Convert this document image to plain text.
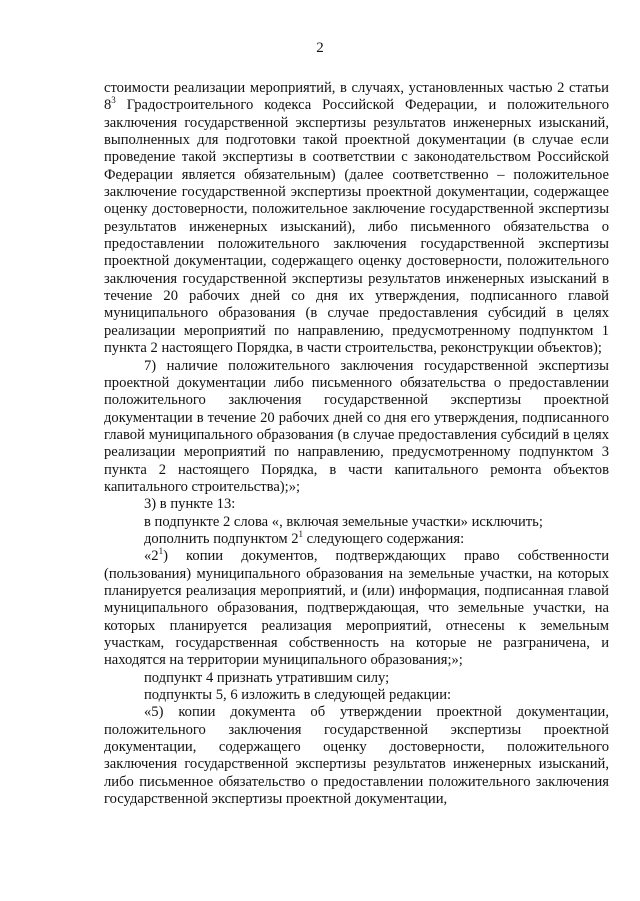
2

стоимости реализации мероприятий, в случаях, установленных частью 2 статьи $8^3$ Градостроительного кодекса Российской Федерации, и положительного заключения государственной экспертизы результатов инженерных изысканий, выполненных для подготовки такой проектной документации (в случае если проведение такой экспертизы в соответствии с законодательством Российской Федерации является обязательным) (далее соответственно – положительное заключение государственной экспертизы проектной документации, содержащее оценку достоверности, положительное заключение государственной экспертизы результатов инженерных изысканий), либо письменного обязательства о предоставлении положительного заключения государственной экспертизы проектной документации, содержащего оценку достоверности, положительного заключения государственной экспертизы результатов инженерных изысканий в течение 20 рабочих дней со дня их утверждения, подписанного главой муниципального образования (в случае предоставления субсидий в целях реализации мероприятий по направлению, предусмотренному подпунктом 1 пункта 2 настоящего Порядка, в части строительства, реконструкции объектов);

7) наличие положительного заключения государственной экспертизы проектной документации либо письменного обязательства о предоставлении положительного заключения государственной экспертизы проектной документации в течение 20 рабочих дней со дня его утверждения, подписанного главой муниципального образования (в случае предоставления субсидий в целях реализации мероприятий по направлению, предусмотренному подпунктом 3 пункта 2 настоящего Порядка, в части капитального ремонта объектов капитального строительства);»;

3) в пункте 13:

в подпункте 2 слова «, включая земельные участки» исключить;

дополнить подпунктом $2^1$ следующего содержания:

«$2^1$) копии документов, подтверждающих право собственности (пользования) муниципального образования на земельные участки, на которых планируется реализация мероприятий, и (или) информация, подписанная главой муниципального образования, подтверждающая, что земельные участки, на которых планируется реализация мероприятий, отнесены к земельным участкам, государственная собственность на которые не разграничена, и находятся на территории муниципального образования;»;

подпункт 4 признать утратившим силу;

подпункты 5, 6 изложить в следующей редакции:

«5) копии документа об утверждении проектной документации, положительного заключения государственной экспертизы проектной документации, содержащего оценку достоверности, положительного заключения государственной экспертизы результатов инженерных изысканий, либо письменное обязательство о предоставлении положительного заключения государственной экспертизы проектной документации,
